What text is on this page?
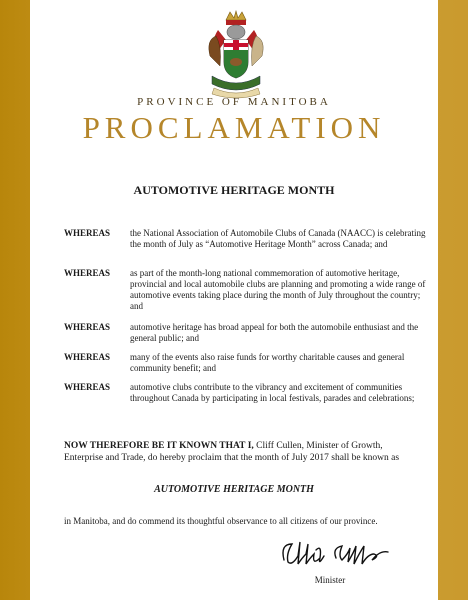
PROVINCE OF MANITOBA
PROCLAMATION
AUTOMOTIVE HERITAGE MONTH
WHEREAS the National Association of Automobile Clubs of Canada (NAACC) is celebrating the month of July as “Automotive Heritage Month” across Canada; and
WHEREAS as part of the month-long national commemoration of automotive heritage, provincial and local automobile clubs are planning and promoting a wide range of automotive events taking place during the month of July throughout the country; and
WHEREAS automotive heritage has broad appeal for both the automobile enthusiast and the general public; and
WHEREAS many of the events also raise funds for worthy charitable causes and general community benefit; and
WHEREAS automotive clubs contribute to the vibrancy and excitement of communities throughout Canada by participating in local festivals, parades and celebrations;
NOW THEREFORE BE IT KNOWN THAT I, Cliff Cullen, Minister of Growth, Enterprise and Trade, do hereby proclaim that the month of July 2017 shall be known as
AUTOMOTIVE HERITAGE MONTH
in Manitoba, and do commend its thoughtful observance to all citizens of our province.
Minister
